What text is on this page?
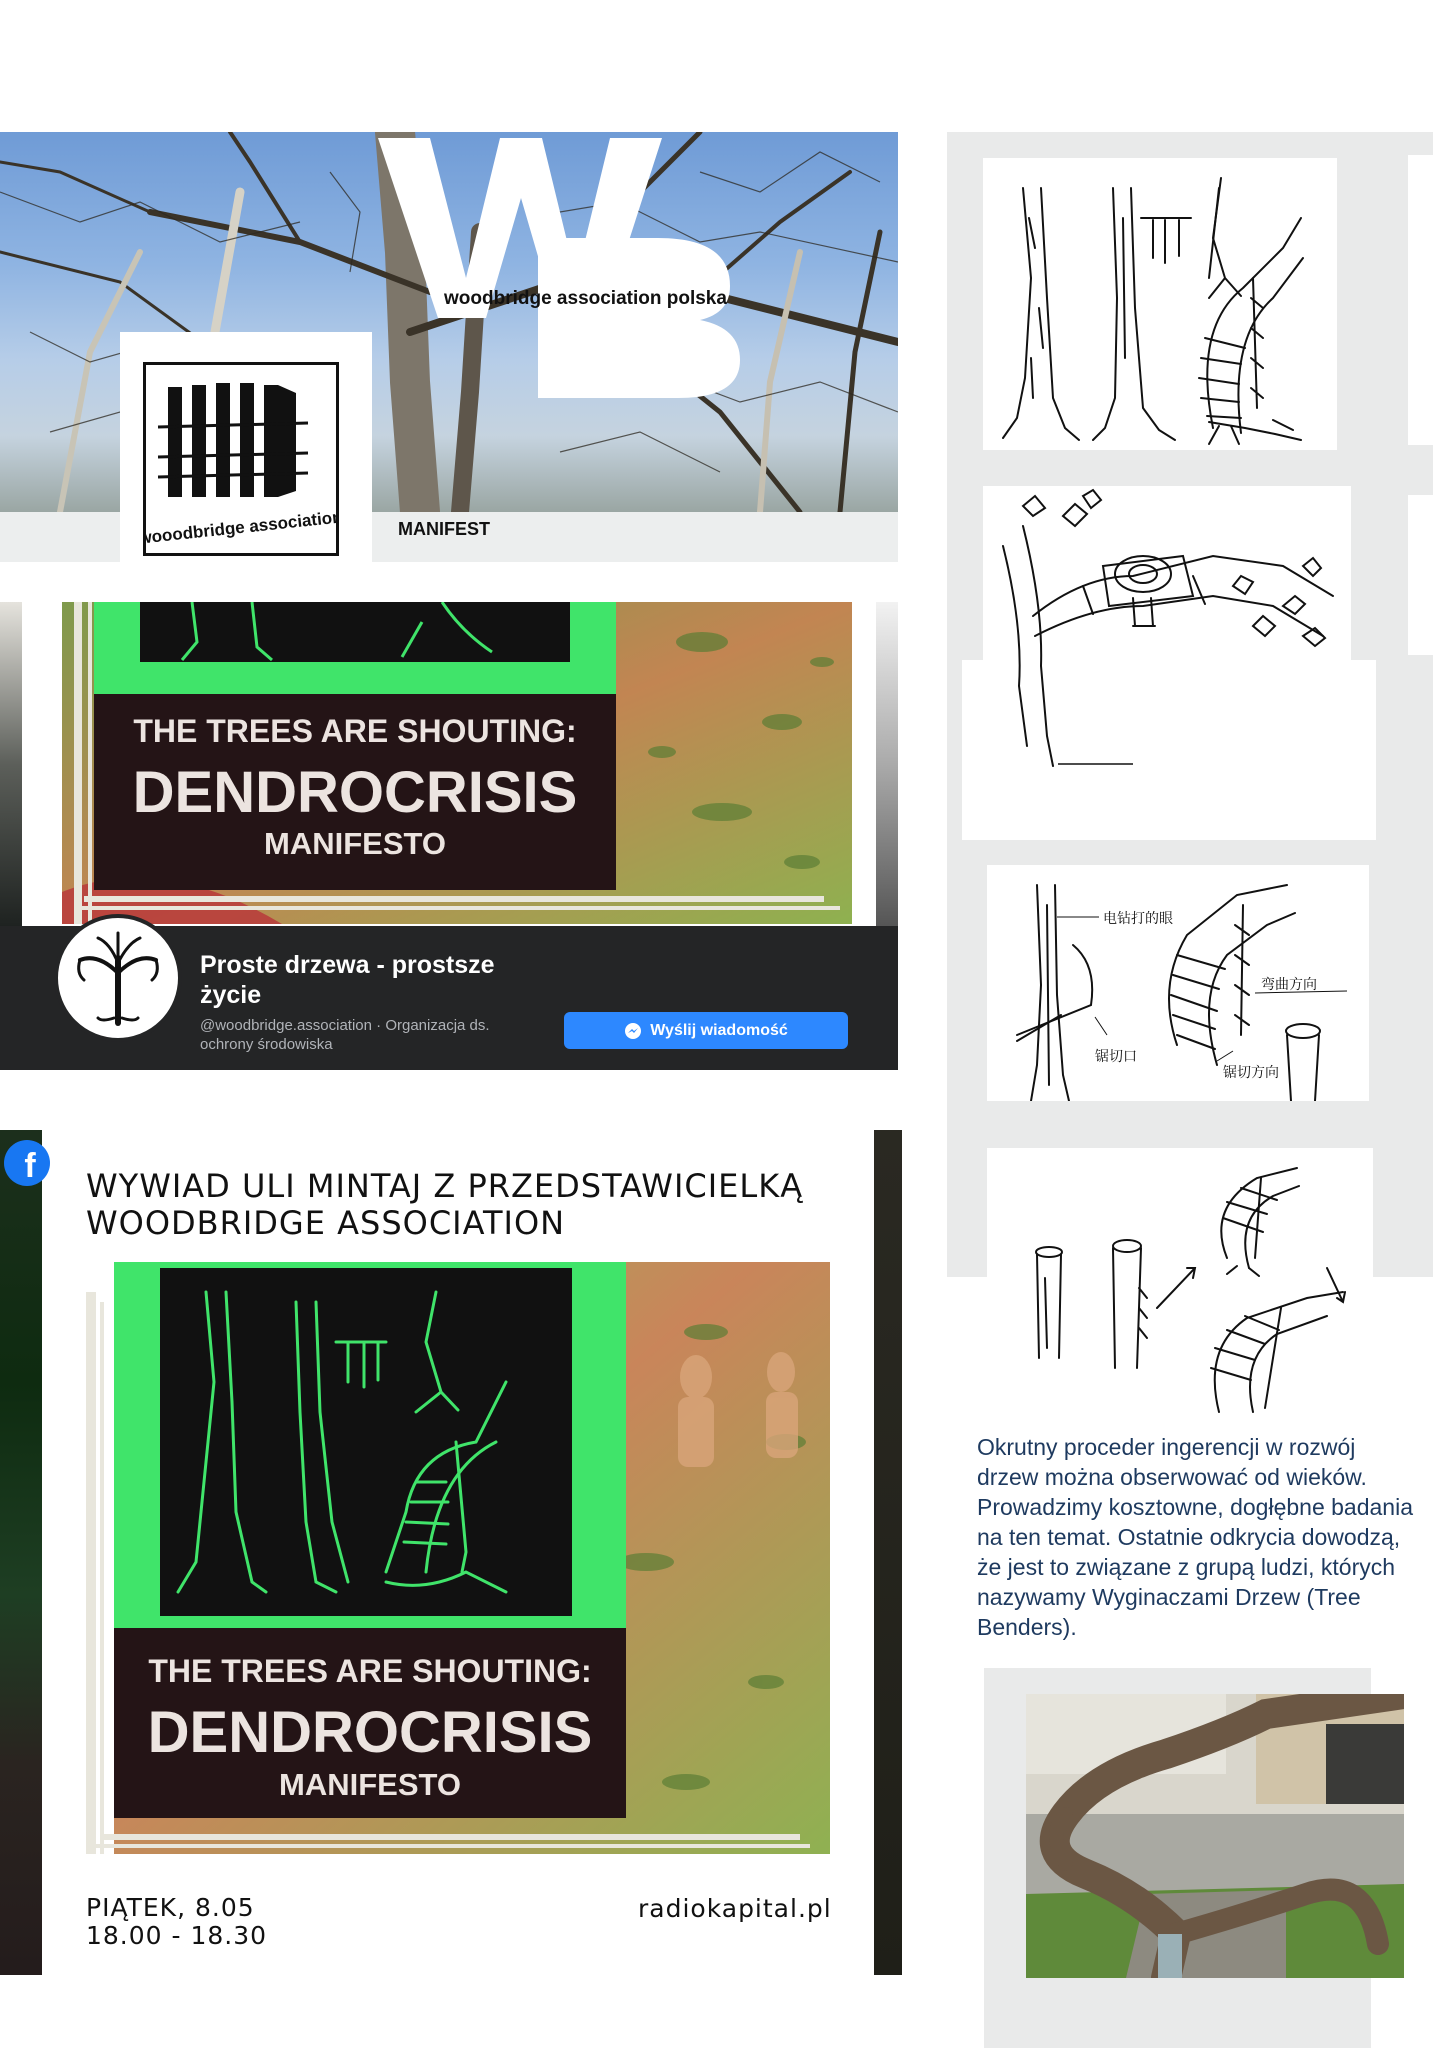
woodbridge association polska
wooodbridge association	MANIFEST
THE TREES ARE SHOUTING:
DENDROCRISIS
MANIFESTO
Proste drzewa - prostsze życie
@woodbridge.association · Organizacja ds. ochrony środowiska
Wyślij wiadomość
f
WYWIAD ULI MINTAJ Z PRZEDSTAWICIELKĄ
WOODBRIDGE ASSOCIATION
THE TREES ARE SHOUTING:
DENDROCRISIS
MANIFESTO
PIĄTEK, 8.05
18.00 - 18.30
radiokapital.pl
电钻打的眼
弯曲方向
锯切口
锯切方向
Okrutny proceder ingerencji w rozwój drzew można obserwować od wieków. Prowadzimy kosztowne, dogłębne badania na ten temat. Ostatnie odkrycia dowodzą, że jest to związane z grupą ludzi, których nazywamy Wyginaczami Drzew (Tree Benders).
